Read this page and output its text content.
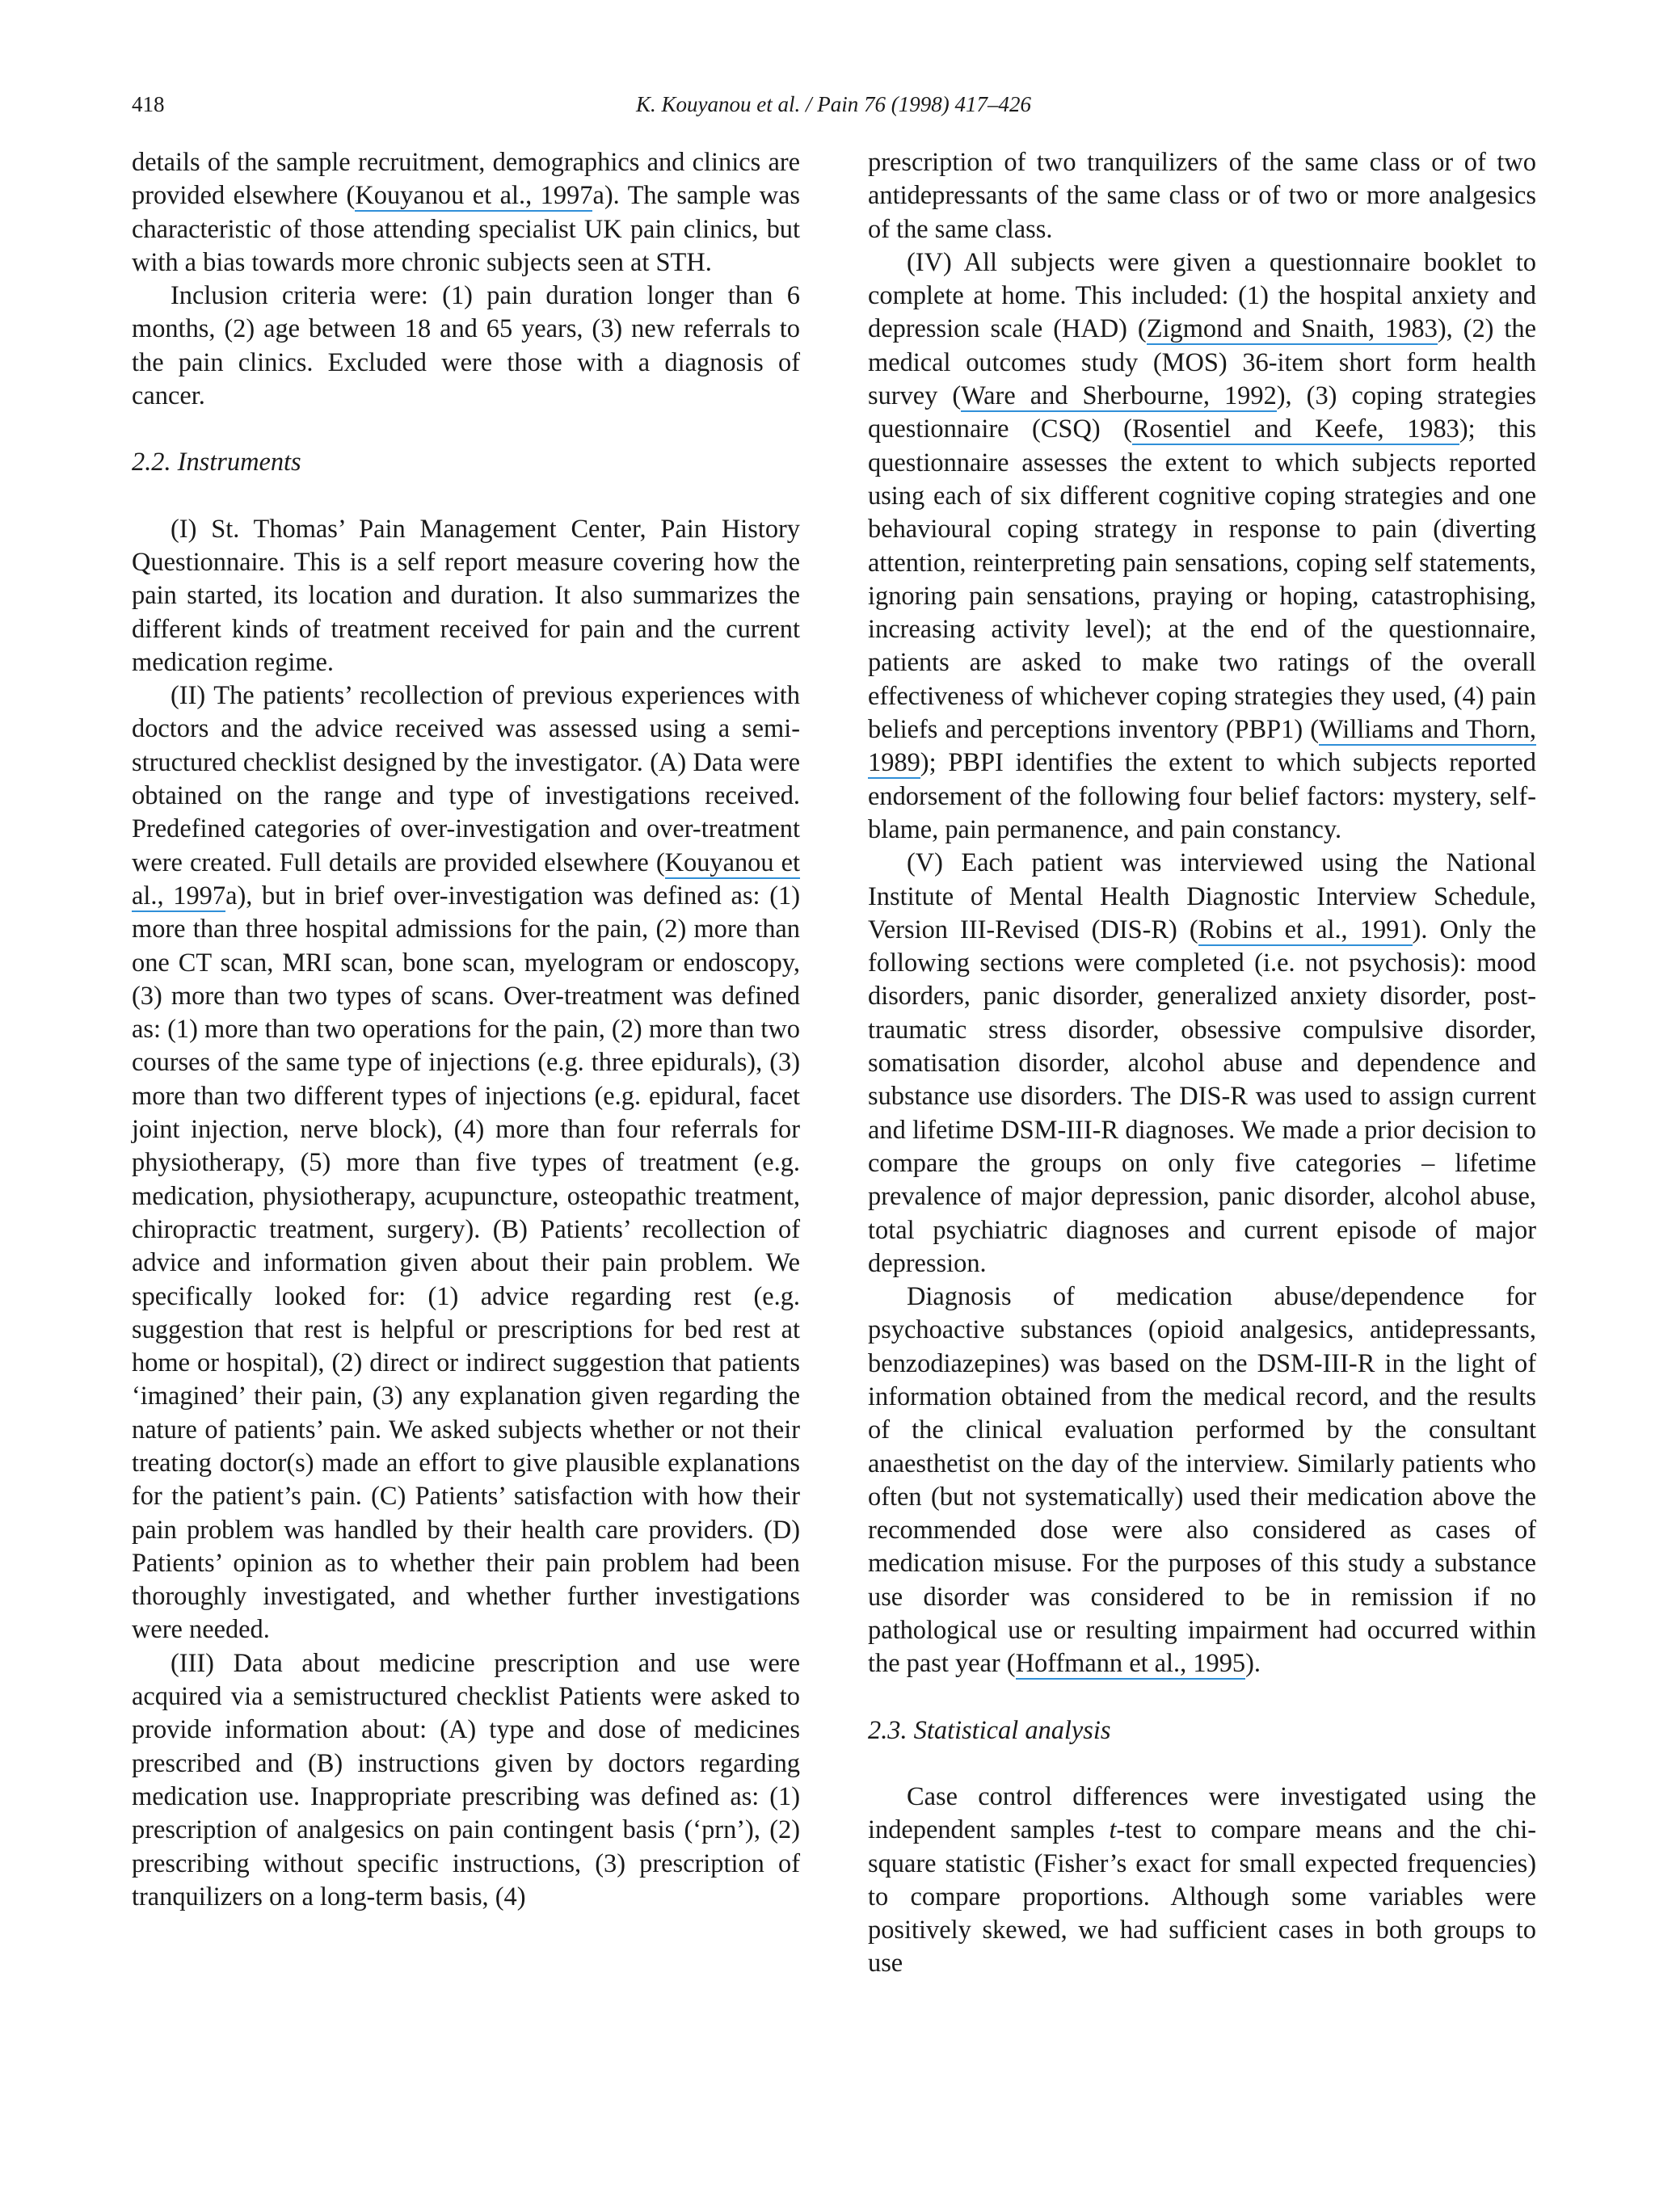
418	K. Kouyanou et al. / Pain 76 (1998) 417–426

details of the sample recruitment, demographics and clinics are provided elsewhere (Kouyanou et al., 1997a). The sample was characteristic of those attending specialist UK pain clinics, but with a bias towards more chronic subjects seen at STH.

Inclusion criteria were: (1) pain duration longer than 6 months, (2) age between 18 and 65 years, (3) new referrals to the pain clinics. Excluded were those with a diagnosis of cancer.

2.2. Instruments

(I) St. Thomas’ Pain Management Center, Pain History Questionnaire. This is a self report measure covering how the pain started, its location and duration. It also summarizes the different kinds of treatment received for pain and the current medication regime.

(II) The patients’ recollection of previous experiences with doctors and the advice received was assessed using a semi-structured checklist designed by the investigator. (A) Data were obtained on the range and type of investigations received. Predefined categories of over-investigation and over-treatment were created. Full details are provided elsewhere (Kouyanou et al., 1997a), but in brief over-investigation was defined as: (1) more than three hospital admissions for the pain, (2) more than one CT scan, MRI scan, bone scan, myelogram or endoscopy, (3) more than two types of scans. Over-treatment was defined as: (1) more than two operations for the pain, (2) more than two courses of the same type of injections (e.g. three epidurals), (3) more than two different types of injections (e.g. epidural, facet joint injection, nerve block), (4) more than four referrals for physiotherapy, (5) more than five types of treatment (e.g. medication, physiotherapy, acupuncture, osteopathic treatment, chiropractic treatment, surgery). (B) Patients’ recollection of advice and information given about their pain problem. We specifically looked for: (1) advice regarding rest (e.g. suggestion that rest is helpful or prescriptions for bed rest at home or hospital), (2) direct or indirect suggestion that patients ‘imagined’ their pain, (3) any explanation given regarding the nature of patients’ pain. We asked subjects whether or not their treating doctor(s) made an effort to give plausible explanations for the patient’s pain. (C) Patients’ satisfaction with how their pain problem was handled by their health care providers. (D) Patients’ opinion as to whether their pain problem had been thoroughly investigated, and whether further investigations were needed.

(III) Data about medicine prescription and use were acquired via a semistructured checklist Patients were asked to provide information about: (A) type and dose of medicines prescribed and (B) instructions given by doctors regarding medication use. Inappropriate prescribing was defined as: (1) prescription of analgesics on pain contingent basis (‘prn’), (2) prescribing without specific instructions, (3) prescription of tranquilizers on a long-term basis, (4)

prescription of two tranquilizers of the same class or of two antidepressants of the same class or of two or more analgesics of the same class.

(IV) All subjects were given a questionnaire booklet to complete at home. This included: (1) the hospital anxiety and depression scale (HAD) (Zigmond and Snaith, 1983), (2) the medical outcomes study (MOS) 36-item short form health survey (Ware and Sherbourne, 1992), (3) coping strategies questionnaire (CSQ) (Rosentiel and Keefe, 1983); this questionnaire assesses the extent to which subjects reported using each of six different cognitive coping strategies and one behavioural coping strategy in response to pain (diverting attention, reinterpreting pain sensations, coping self statements, ignoring pain sensations, praying or hoping, catastrophising, increasing activity level); at the end of the questionnaire, patients are asked to make two ratings of the overall effectiveness of whichever coping strategies they used, (4) pain beliefs and perceptions inventory (PBP1) (Williams and Thorn, 1989); PBPI identifies the extent to which subjects reported endorsement of the following four belief factors: mystery, self- blame, pain permanence, and pain constancy.

(V) Each patient was interviewed using the National Institute of Mental Health Diagnostic Interview Schedule, Version III-Revised (DIS-R) (Robins et al., 1991). Only the following sections were completed (i.e. not psychosis): mood disorders, panic disorder, generalized anxiety disorder, post-traumatic stress disorder, obsessive compulsive disorder, somatisation disorder, alcohol abuse and dependence and substance use disorders. The DIS-R was used to assign current and lifetime DSM-III-R diagnoses. We made a prior decision to compare the groups on only five categories – lifetime prevalence of major depression, panic disorder, alcohol abuse, total psychiatric diagnoses and current episode of major depression.

Diagnosis of medication abuse/dependence for psychoactive substances (opioid analgesics, antidepressants, benzodiazepines) was based on the DSM-III-R in the light of information obtained from the medical record, and the results of the clinical evaluation performed by the consultant anaesthetist on the day of the interview. Similarly patients who often (but not systematically) used their medication above the recommended dose were also considered as cases of medication misuse. For the purposes of this study a substance use disorder was considered to be in remission if no pathological use or resulting impairment had occurred within the past year (Hoffmann et al., 1995).

2.3. Statistical analysis

Case control differences were investigated using the independent samples t-test to compare means and the chi-square statistic (Fisher’s exact for small expected frequencies) to compare proportions. Although some variables were positively skewed, we had sufficient cases in both groups to use
